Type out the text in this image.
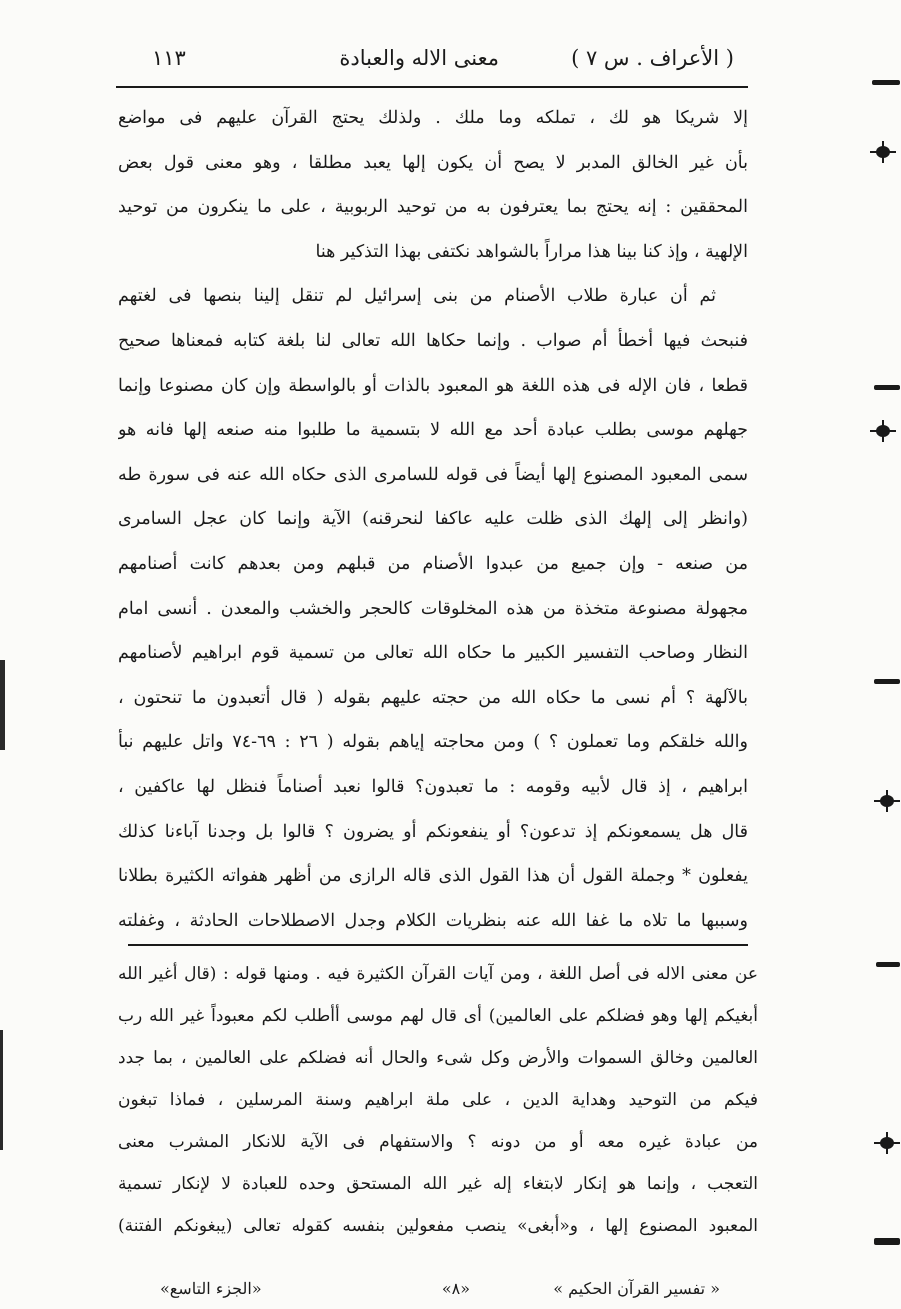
( الأعراف . س ٧ )
معنى الاله والعبادة
١١٣
إلا شريكا هو لك ، تملكه وما ملك . ولذلك يحتج القرآن عليهم فى مواضع
بأن غير الخالق المدبر لا يصح أن يكون إلها يعبد مطلقا ، وهو معنى قول بعض
المحققين : إنه يحتج بما يعترفون به من توحيد الربوبية ، على ما ينكرون من توحيد
الإلهية ، وإذ كنا بينا هذا مراراً بالشواهد نكتفى بهذا التذكير هنا
ثم أن عبارة طلاب الأصنام من بنى إسرائيل لم تنقل إلينا بنصها فى لغتهم
فنبحث فيها أخطأ أم صواب . وإنما حكاها الله تعالى لنا بلغة كتابه فمعناها صحيح
قطعا ، فان الإله فى هذه اللغة هو المعبود بالذات أو بالواسطة وإن كان مصنوعا وإنما
جهلهم موسى بطلب عبادة أحد مع الله لا بتسمية ما طلبوا منه صنعه إلها فانه هو
سمى المعبود المصنوع إلها أيضاً فى قوله للسامرى الذى حكاه الله عنه فى سورة طه
(وانظر إلى إلهك الذى ظلت عليه عاكفا لنحرقنه) الآية وإنما كان عجل السامرى
من صنعه - وإن جميع من عبدوا الأصنام من قبلهم ومن بعدهم كانت أصنامهم
مجهولة مصنوعة متخذة من هذه المخلوقات كالحجر والخشب والمعدن . أنسى امام
النظار وصاحب التفسير الكبير ما حكاه الله تعالى من تسمية قوم ابراهيم لأصنامهم
بالآلهة ؟ أم نسى ما حكاه الله من حجته عليهم بقوله ( قال أتعبدون ما تنحتون ،
والله خلقكم وما تعملون ؟ ) ومن محاجته إياهم بقوله ( ٢٦ : ٦٩-٧٤ واتل عليهم نبأ
ابراهيم ، إذ قال لأبيه وقومه : ما تعبدون؟ قالوا نعبد أصناماً فنظل لها عاكفين ،
قال هل يسمعونكم إذ تدعون؟ أو ينفعونكم أو يضرون ؟ قالوا بل وجدنا آباءنا كذلك
يفعلون * وجملة القول أن هذا القول الذى قاله الرازى من أظهر هفواته الكثيرة بطلانا
وسببها ما تلاه ما غفا الله عنه بنظريات الكلام وجدل الاصطلاحات الحادثة ، وغفلته
عن معنى الاله فى أصل اللغة ، ومن آيات القرآن الكثيرة فيه . ومنها قوله : (قال أغير الله
أبغيكم إلها وهو فضلكم على العالمين) أى قال لهم موسى أأطلب لكم معبوداً غير الله رب
العالمين وخالق السموات والأرض وكل شىء والحال أنه فضلكم على العالمين ، بما جدد
فيكم من التوحيد وهداية الدين ، على ملة ابراهيم وسنة المرسلين ، فماذا تبغون
من عبادة غيره معه أو من دونه ؟ والاستفهام فى الآية للانكار المشرب معنى
التعجب ، وإنما هو إنكار لابتغاء إله غير الله المستحق وحده للعبادة لا لإنكار تسمية
المعبود المصنوع إلها ، و«أبغى» ينصب مفعولين بنفسه كقوله تعالى (يبغونكم الفتنة)
« تفسير القرآن الحكيم »
«٨»
«الجزء التاسع»
